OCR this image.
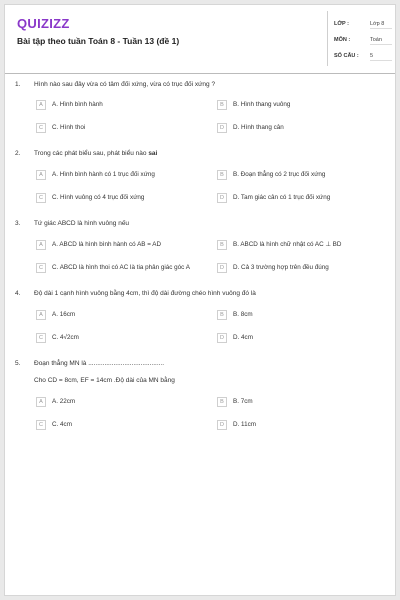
QUIZIZZ
Bài tập theo tuần Toán 8 - Tuần 13 (đề 1)
LỚP :	Lớp 8
MÔN :	Toán
SỐ CÂU : 5
1. Hình nào sau đây vừa có tâm đối xứng, vừa có trục đối xứng ?
A	A. Hình bình hành	B	B. Hình thang vuông
C	C. Hình thoi	D	D. Hình thang cân
2. Trong các phát biểu sau, phát biểu nào sai
A	A. Hình bình hành có 1 trục đối xứng	B	B. Đoạn thẳng có 2 trục đối xứng
C	C. Hình vuông có 4 trục đối xứng	D	D. Tam giác cân có 1 trục đối xứng
3. Tứ giác ABCD là hình vuông nếu
A	A. ABCD là hình bình hành có AB = AD	B	B. ABCD là hình chữ nhật có AC ⊥ BD
C	C. ABCD là hình thoi có AC là tia phân giác góc A	D	D. Cả 3 trường hợp trên đều đúng
4. Độ dài 1 cạnh hình vuông bằng 4cm, thì độ dài đường chéo hình vuông đó là
A	A. 16cm	B	B. 8cm
C	C. 4√2cm	D	D. 4cm
5. Đoạn thẳng MN là ..........................................
Cho CD = 8cm, EF = 14cm .Độ dài của MN bằng
A	A. 22cm	B	B. 7cm
C	C. 4cm	D	D. 11cm
